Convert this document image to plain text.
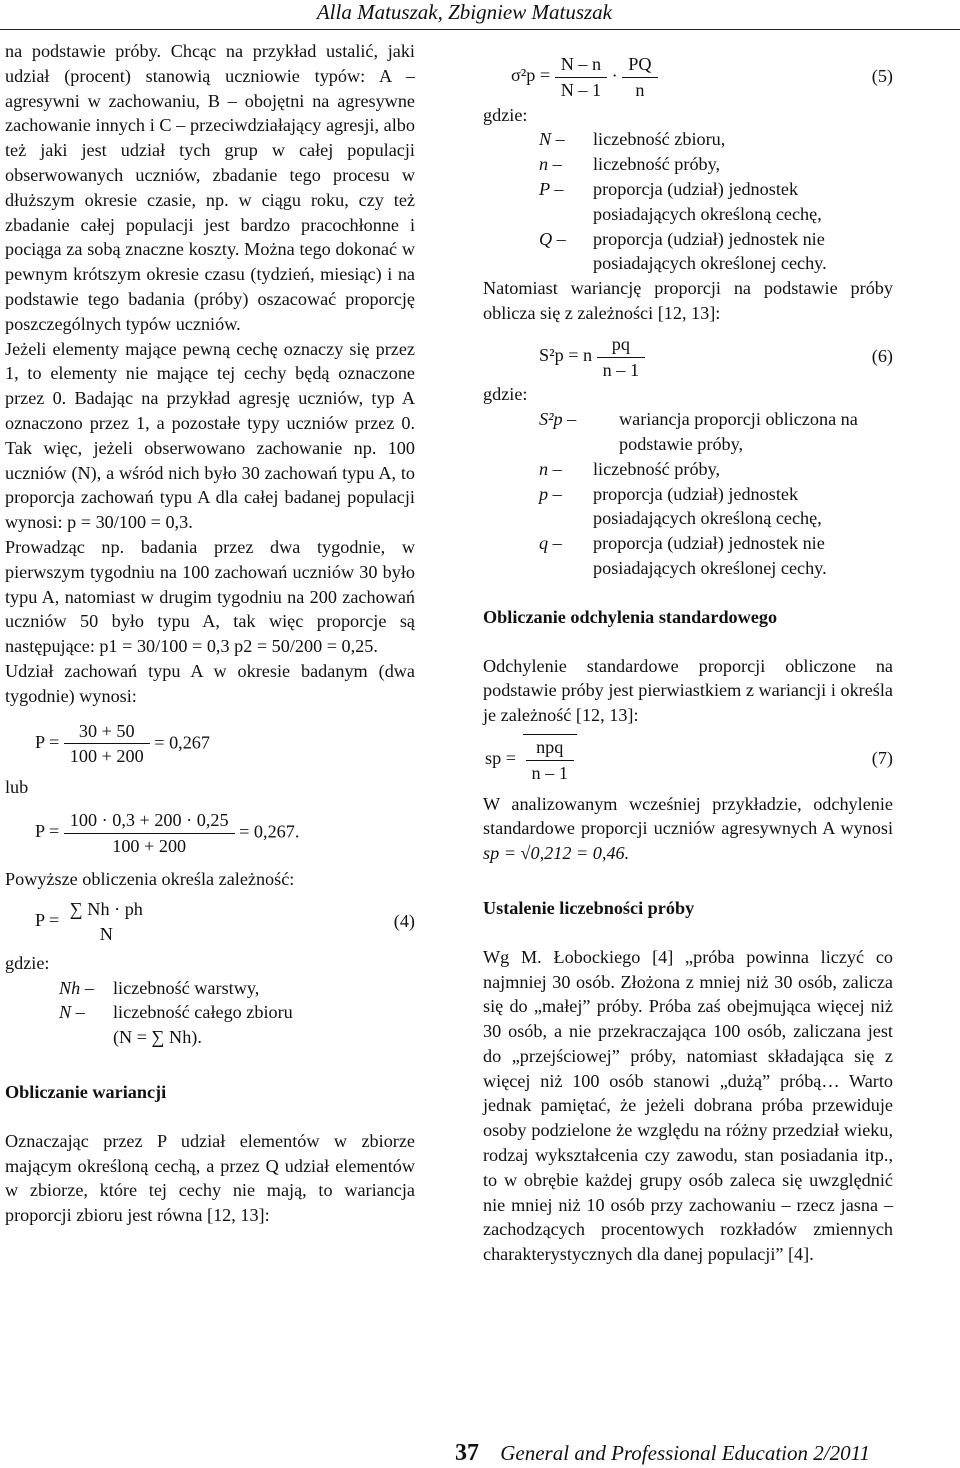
Alla Matuszak, Zbigniew Matuszak

na podstawie próby. Chcąc na przykład ustalić, jaki udział (procent) stanowią uczniowie typów: A – agresywni w zachowaniu, B – obojętni na agresywne zachowanie innych i C – przeciwdziałający agresji, albo też jaki jest udział tych grup w całej populacji obserwowanych uczniów, zbadanie tego procesu w dłuższym okresie czasie, np. w ciągu roku, czy też zbadanie całej populacji jest bardzo pracochłonne i pociąga za sobą znaczne koszty. Można tego dokonać w pewnym krótszym okresie czasu (tydzień, miesiąc) i na podstawie tego badania (próby) oszacować proporcję poszczególnych typów uczniów.

Jeżeli elementy mające pewną cechę oznaczy się przez 1, to elementy nie mające tej cechy będą oznaczone przez 0. Badając na przykład agresję uczniów, typ A oznaczono przez 1, a pozostałe typy uczniów przez 0. Tak więc, jeżeli obserwowano zachowanie np. 100 uczniów (N), a wśród nich było 30 zachowań typu A, to proporcja zachowań typu A dla całej badanej populacji wynosi: p = 30/100 = 0,3.

Prowadząc np. badania przez dwa tygodnie, w pierwszym tygodniu na 100 zachowań uczniów 30 było typu A, natomiast w drugim tygodniu na 200 zachowań uczniów 50 było typu A, tak więc proporcje są następujące: p1 = 30/100 = 0,3 p2 = 50/200 = 0,25.

Udział zachowań typu A w okresie badanym (dwa tygodnie) wynosi:

$P = \frac{30 + 50}{100 + 200} = 0,267$

lub

$P = \frac{100 \cdot 0,3 + 200 \cdot 0,25}{100 + 200} = 0,267$.

Powyższe obliczenia określa zależność:

P =
∑ Nh · ph
N
(4)

gdzie:

Nh –	liczebność warstwy,
N –	liczebność całego zbioru
(N = ∑ Nh).

Obliczanie wariancji

Oznaczając przez P udział elementów w zbiorze mającym określoną cechą, a przez Q udział elementów w zbiorze, które tej cechy nie mają, to wariancja proporcji zbioru jest równa [12, 13]:

$\sigma^2p = \frac{N - n}{N - 1} \cdot \frac{PQ}{n}$	(5)

gdzie:

N –	liczebność zbioru,
n –	liczebność próby,
P –	proporcja (udział) jednostek posiadających określoną cechę,
Q –	proporcja (udział) jednostek nie posiadających określonej cechy.

Natomiast wariancję proporcji na podstawie próby oblicza się z zależności [12, 13]:

S²p = n $\frac{pq}{n - 1}$	(6)

gdzie:

S²p –	wariancja proporcji obliczona na podstawie próby,
n –	liczebność próby,
p –	proporcja (udział) jednostek posiadających określoną cechę,
q –	proporcja (udział) jednostek nie posiadających określonej cechy.

Obliczanie odchylenia standardowego

Odchylenie standardowe proporcji obliczone na podstawie próby jest pierwiastkiem z wariancji i określa je zależność [12, 13]:

sp = $\frac{\text{npq}}{n - 1}$	(7)

W analizowanym wcześniej przykładzie, odchylenie standardowe proporcji uczniów agresywnych A wynosi sp = √0,212 = 0,46.

Ustalenie liczebności próby

Wg M. Łobockiego [4] „próba powinna liczyć co najmniej 30 osób. Złożona z mniej niż 30 osób, zalicza się do „małej” próby. Próba zaś obejmująca więcej niż 30 osób, a nie przekraczająca 100 osób, zaliczana jest do „przejściowej” próby, natomiast składająca się z więcej niż 100 osób stanowi „dużą” próbą… Warto jednak pamiętać, że jeżeli dobrana próba przewiduje osoby podzielone że względu na różny przedział wieku, rodzaj wykształcenia czy zawodu, stan posiadania itp., to w obrębie każdej grupy osób zaleca się uwzględnić nie mniej niż 10 osób przy zachowaniu – rzecz jasna – zachodzących procentowych rozkładów zmiennych charakterystycznych dla danej populacji” [4].

37 General and Professional Education 2/2011
